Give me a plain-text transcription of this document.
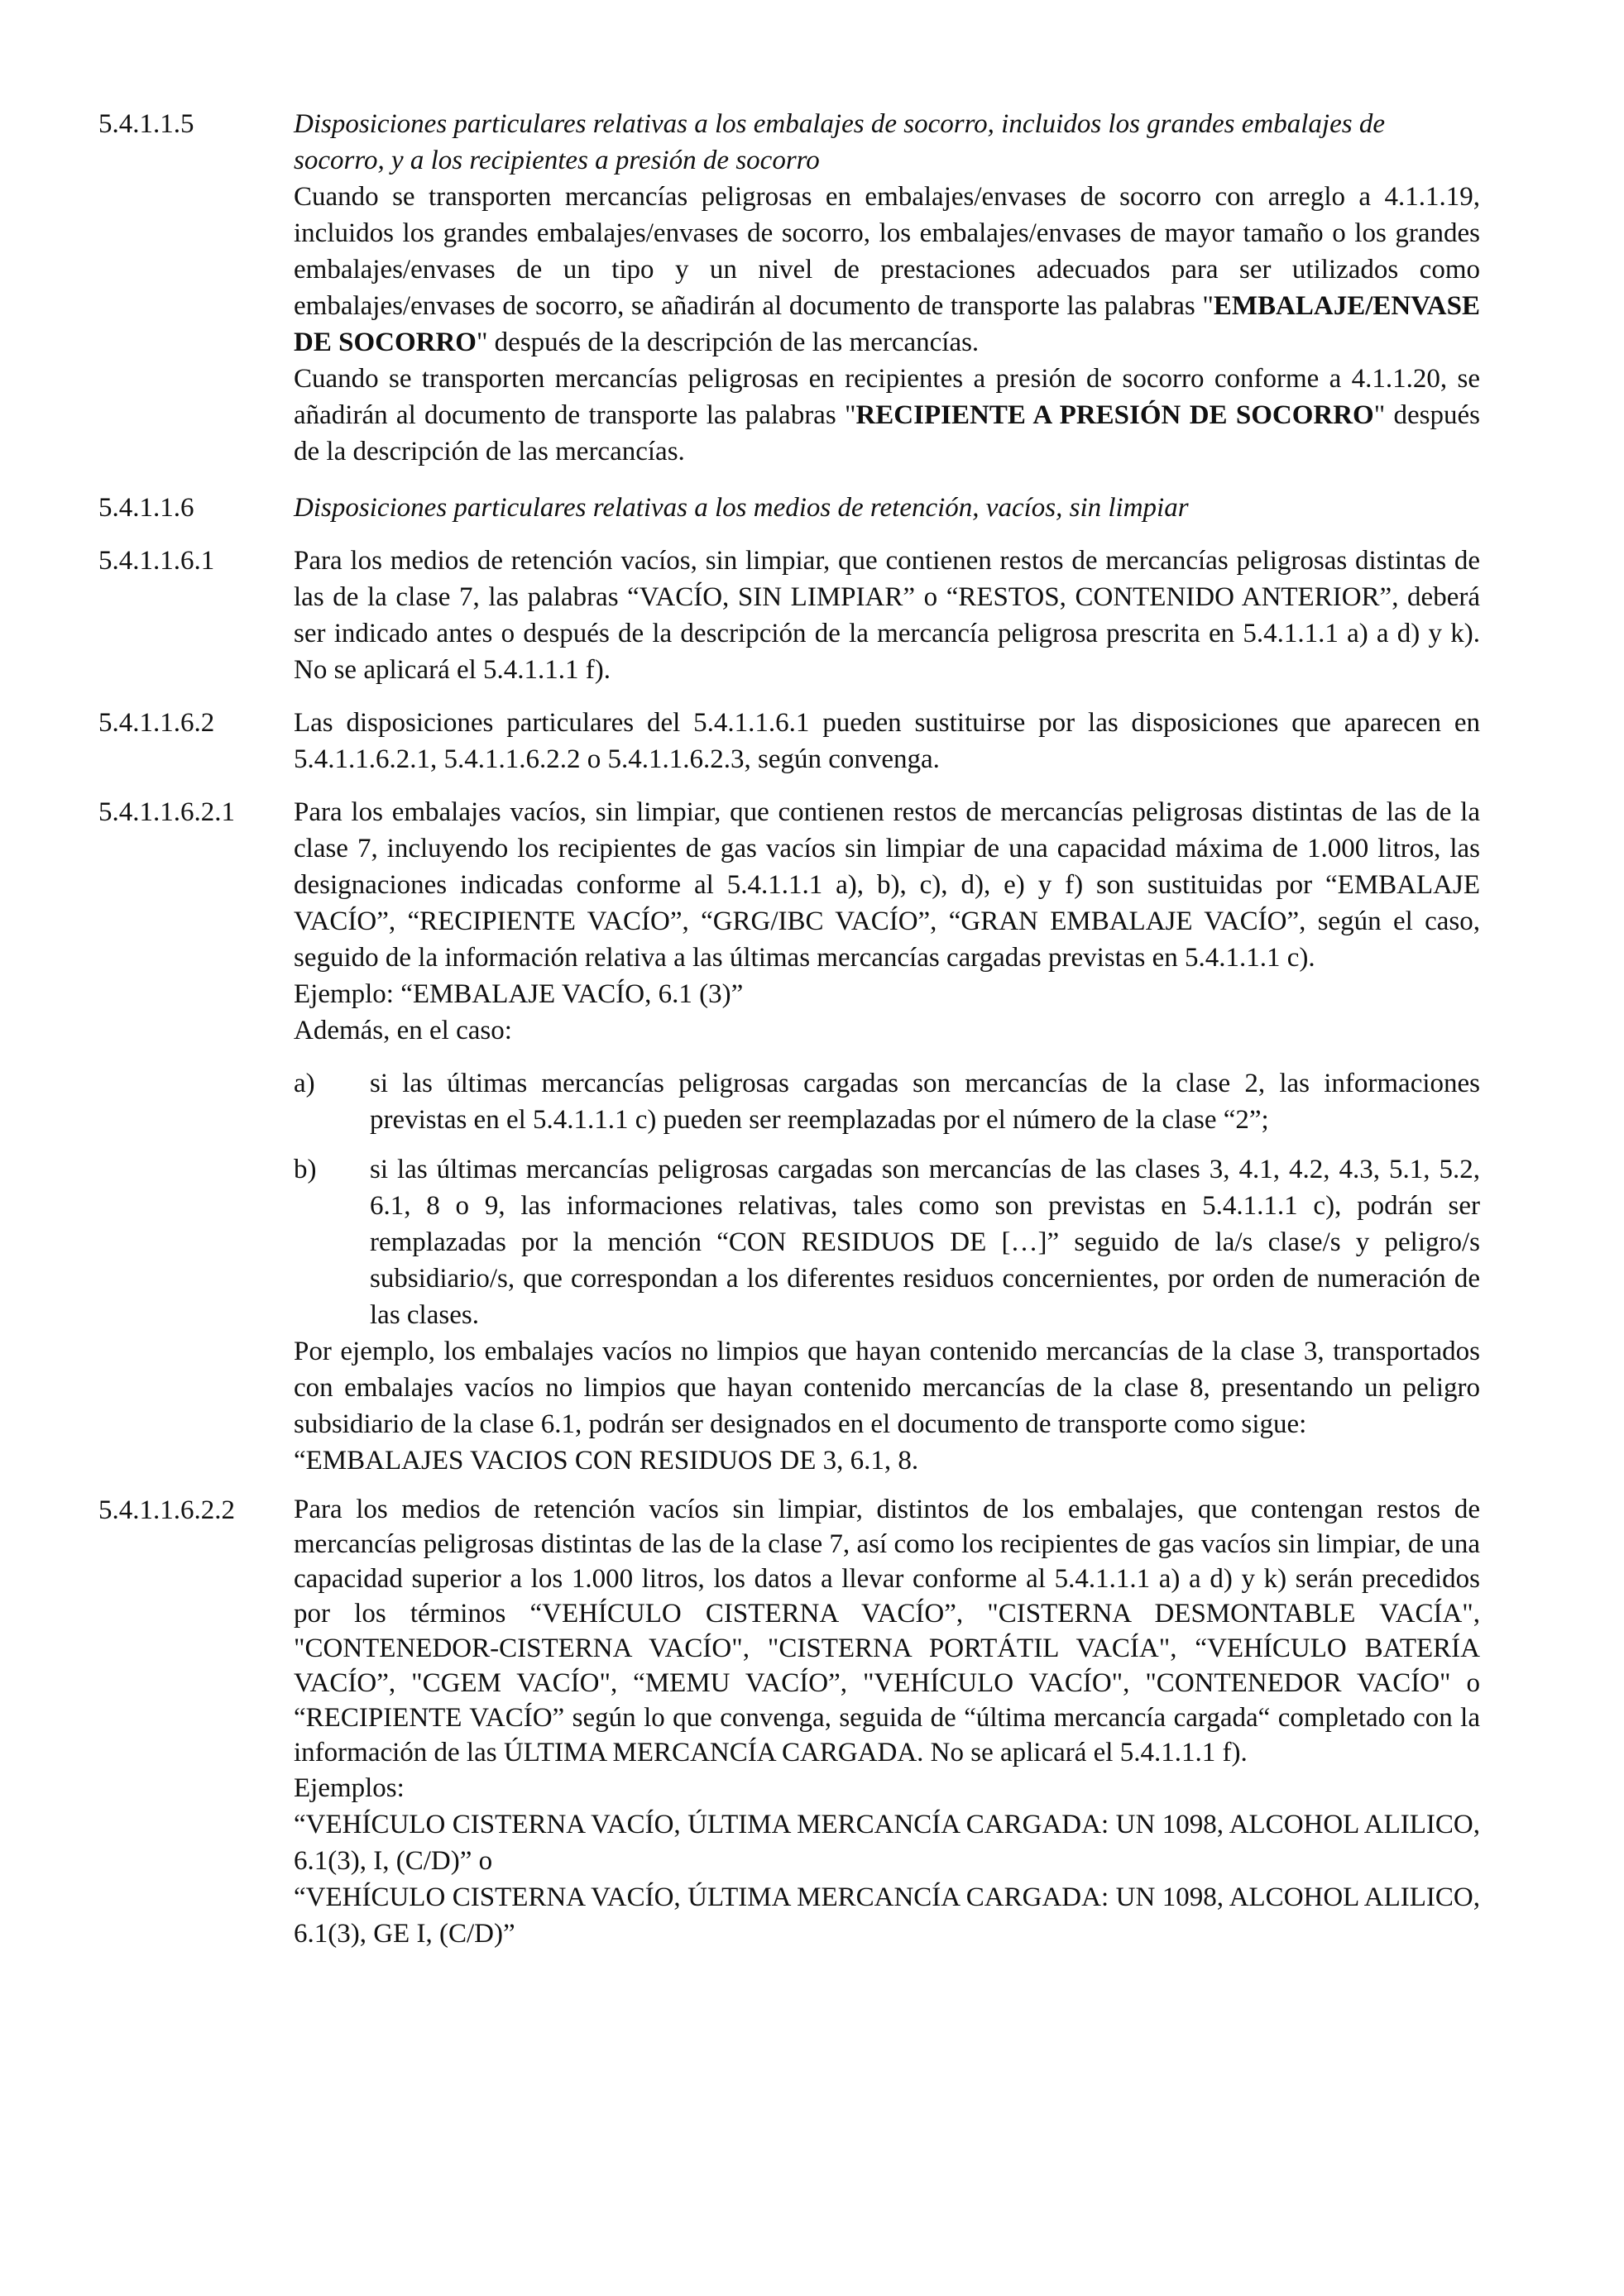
5.4.1.1.5	Disposiciones particulares relativas a los embalajes de socorro, incluidos los grandes embalajes de socorro, y a los recipientes a presión de socorro

Cuando se transporten mercancías peligrosas en embalajes/envases de socorro con arreglo a 4.1.1.19, incluidos los grandes embalajes/envases de socorro, los embalajes/envases de mayor tamaño o los grandes embalajes/envases de un tipo y un nivel de prestaciones adecuados para ser utilizados como embalajes/envases de socorro, se añadirán al documento de transporte las palabras "EMBALAJE/ENVASE DE SOCORRO" después de la descripción de las mercancías.

Cuando se transporten mercancías peligrosas en recipientes a presión de socorro conforme a 4.1.1.20, se añadirán al documento de transporte las palabras "RECIPIENTE A PRESIÓN DE SOCORRO" después de la descripción de las mercancías.

5.4.1.1.6	Disposiciones particulares relativas a los medios de retención, vacíos, sin limpiar

5.4.1.1.6.1	Para los medios de retención vacíos, sin limpiar, que contienen restos de mercancías peligrosas distintas de las de la clase 7, las palabras “VACÍO, SIN LIMPIAR” o “RESTOS, CONTENIDO ANTERIOR”, deberá ser indicado antes o después de la descripción de la mercancía peligrosa prescrita en 5.4.1.1.1 a) a d) y k). No se aplicará el 5.4.1.1.1 f).

5.4.1.1.6.2	Las disposiciones particulares del 5.4.1.1.6.1 pueden sustituirse por las disposiciones que aparecen en 5.4.1.1.6.2.1, 5.4.1.1.6.2.2 o 5.4.1.1.6.2.3, según convenga.

5.4.1.1.6.2.1	Para los embalajes vacíos, sin limpiar, que contienen restos de mercancías peligrosas distintas de las de la clase 7, incluyendo los recipientes de gas vacíos sin limpiar de una capacidad máxima de 1.000 litros, las designaciones indicadas conforme al 5.4.1.1.1 a), b), c), d), e) y f) son sustituidas por “EMBALAJE VACÍO”, “RECIPIENTE VACÍO”, “GRG/IBC VACÍO”, “GRAN EMBALAJE VACÍO”, según el caso, seguido de la información relativa a las últimas mercancías cargadas previstas en 5.4.1.1.1 c).

Ejemplo: “EMBALAJE VACÍO, 6.1 (3)”

Además, en el caso:

a)	si las últimas mercancías peligrosas cargadas son mercancías de la clase 2, las informaciones previstas en el 5.4.1.1.1 c) pueden ser reemplazadas por el número de la clase “2”;
b)	si las últimas mercancías peligrosas cargadas son mercancías de las clases 3, 4.1, 4.2, 4.3, 5.1, 5.2, 6.1, 8 o 9, las informaciones relativas, tales como son previstas en 5.4.1.1.1 c), podrán ser remplazadas por la mención “CON RESIDUOS DE […]” seguido de la/s clase/s y peligro/s subsidiario/s, que correspondan a los diferentes residuos concernientes, por orden de numeración de las clases.

Por ejemplo, los embalajes vacíos no limpios que hayan contenido mercancías de la clase 3, transportados con embalajes vacíos no limpios que hayan contenido mercancías de la clase 8, presentando un peligro subsidiario de la clase 6.1, podrán ser designados en el documento de transporte como sigue:

“EMBALAJES VACIOS CON RESIDUOS DE 3, 6.1, 8.

5.4.1.1.6.2.2	Para los medios de retención vacíos sin limpiar, distintos de los embalajes, que contengan restos de mercancías peligrosas distintas de las de la clase 7, así como los recipientes de gas vacíos sin limpiar, de una capacidad superior a los 1.000 litros, los datos a llevar conforme al 5.4.1.1.1 a) a d) y k) serán precedidos por los términos “VEHÍCULO CISTERNA VACÍO”, "CISTERNA DESMONTABLE VACÍA", "CONTENEDOR-CISTERNA VACÍO", "CISTERNA PORTÁTIL VACÍA", “VEHÍCULO BATERÍA VACÍO”, "CGEM VACÍO", “MEMU VACÍO”, "VEHÍCULO VACÍO", "CONTENEDOR VACÍO" o “RECIPIENTE VACÍO” según lo que convenga, seguida de “última mercancía cargada“ completado con la información de las ÚLTIMA MERCANCÍA CARGADA. No se aplicará el 5.4.1.1.1 f).

Ejemplos:

“VEHÍCULO CISTERNA VACÍO, ÚLTIMA MERCANCÍA CARGADA: UN 1098, ALCOHOL ALILICO, 6.1(3), I, (C/D)” o

“VEHÍCULO CISTERNA VACÍO, ÚLTIMA MERCANCÍA CARGADA: UN 1098, ALCOHOL ALILICO, 6.1(3), GE I, (C/D)”
